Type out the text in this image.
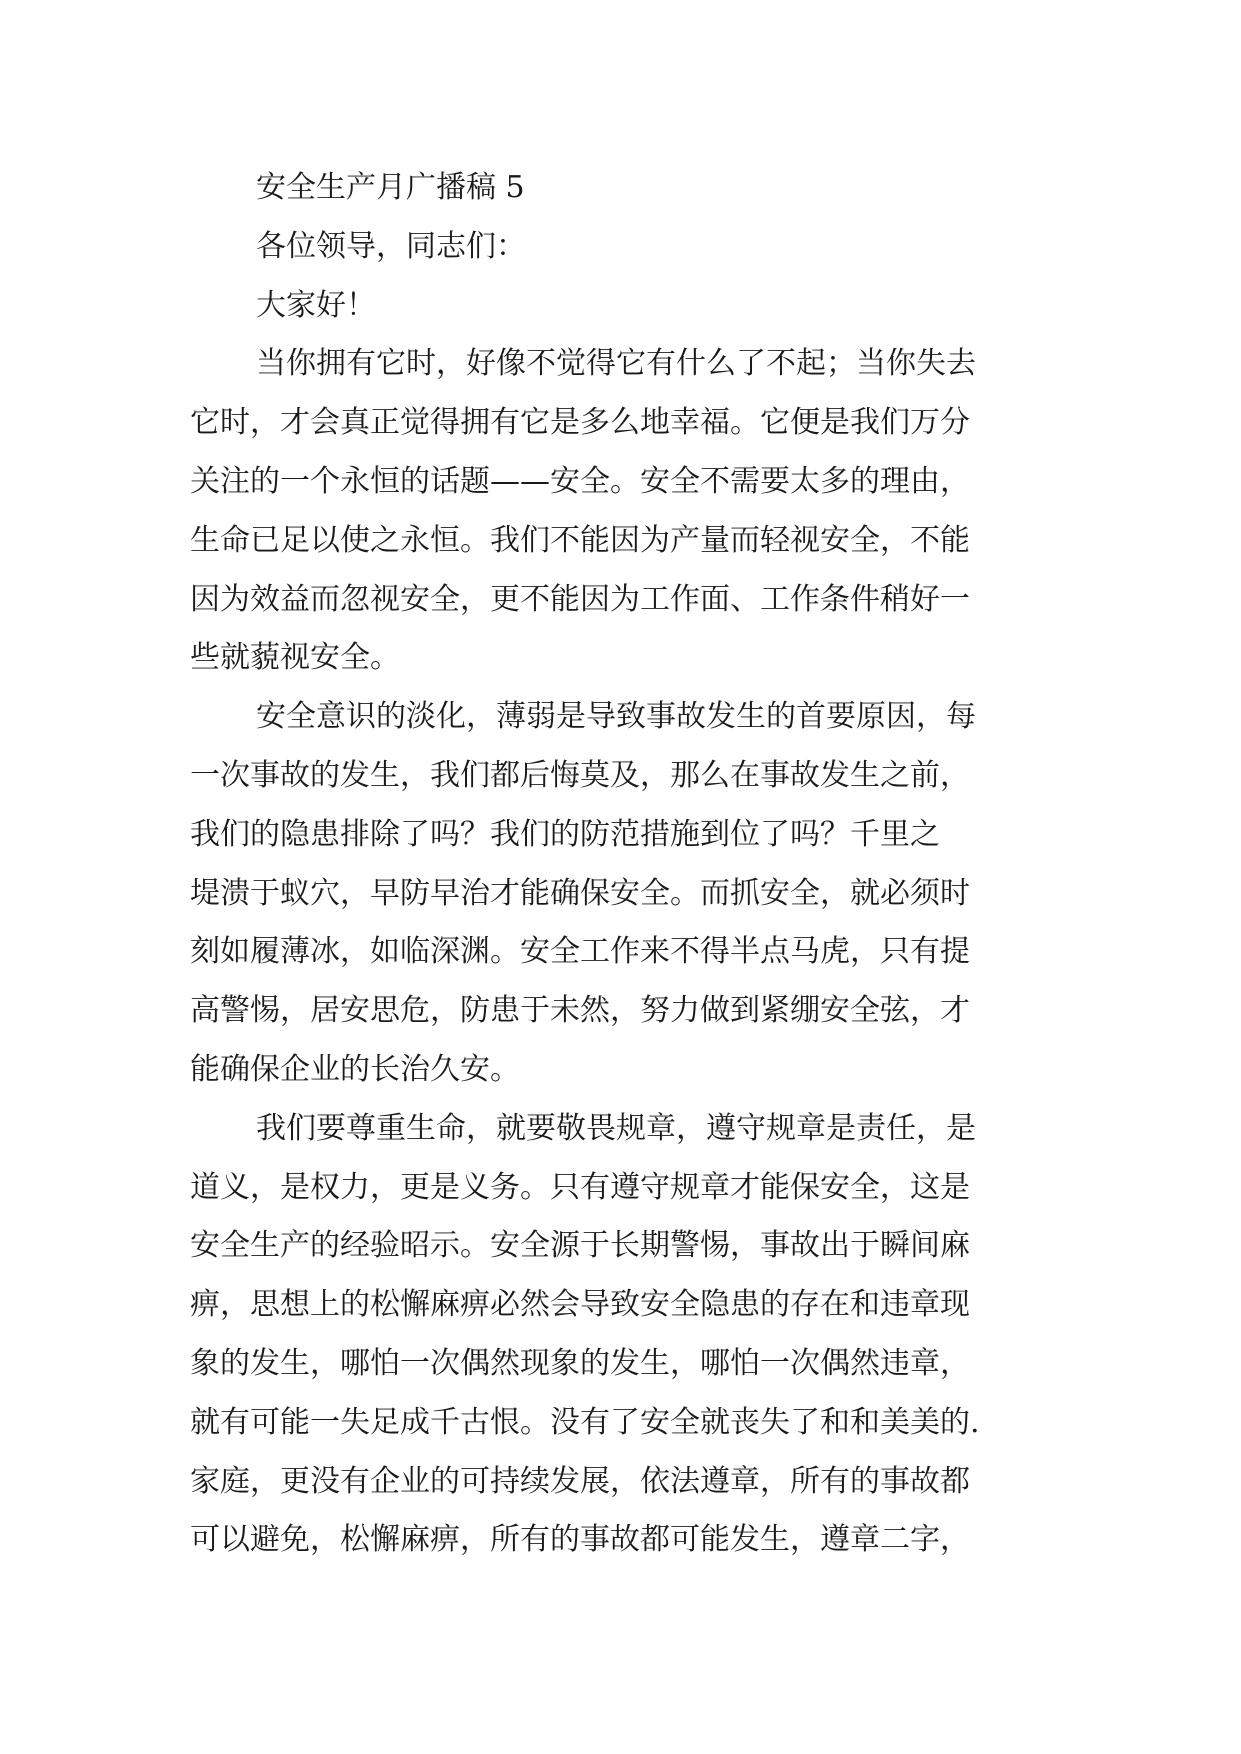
安全生产月广播稿 5

各位领导，同志们：

大家好！

当你拥有它时，好像不觉得它有什么了不起；当你失去

它时，才会真正觉得拥有它是多么地幸福。它便是我们万分

关注的一个永恒的话题——安全。安全不需要太多的理由，

生命已足以使之永恒。我们不能因为产量而轻视安全，不能

因为效益而忽视安全，更不能因为工作面、工作条件稍好一

些就藐视安全。

安全意识的淡化，薄弱是导致事故发生的首要原因，每

一次事故的发生，我们都后悔莫及，那么在事故发生之前，

我们的隐患排除了吗？我们的防范措施到位了吗？千里之

堤溃于蚁穴，早防早治才能确保安全。而抓安全，就必须时

刻如履薄冰，如临深渊。安全工作来不得半点马虎，只有提

高警惕，居安思危，防患于未然，努力做到紧绷安全弦，才

能确保企业的长治久安。

我们要尊重生命，就要敬畏规章，遵守规章是责任，是

道义，是权力，更是义务。只有遵守规章才能保安全，这是

安全生产的经验昭示。安全源于长期警惕，事故出于瞬间麻

痹，思想上的松懈麻痹必然会导致安全隐患的存在和违章现

象的发生，哪怕一次偶然现象的发生，哪怕一次偶然违章，

就有可能一失足成千古恨。没有了安全就丧失了和和美美的.

家庭，更没有企业的可持续发展，依法遵章，所有的事故都

可以避免，松懈麻痹，所有的事故都可能发生，遵章二字，
